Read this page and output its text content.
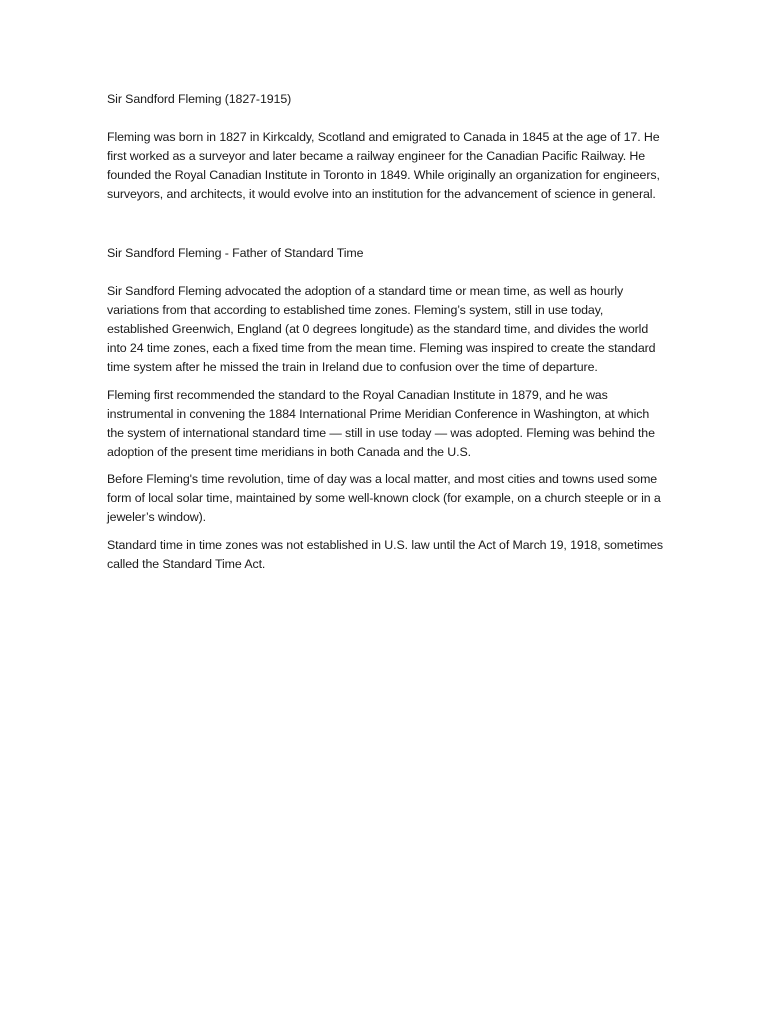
Sir Sandford Fleming (1827-1915)

Fleming was born in 1827 in Kirkcaldy, Scotland and emigrated to Canada in 1845 at the age of 17. He first worked as a surveyor and later became a railway engineer for the Canadian Pacific Railway. He founded the Royal Canadian Institute in Toronto in 1849. While originally an organization for engineers, surveyors, and architects, it would evolve into an institution for the advancement of science in general.

Sir Sandford Fleming - Father of Standard Time

Sir Sandford Fleming advocated the adoption of a standard time or mean time, as well as hourly variations from that according to established time zones. Fleming’s system, still in use today, established Greenwich, England (at 0 degrees longitude) as the standard time, and divides the world into 24 time zones, each a fixed time from the mean time. Fleming was inspired to create the standard time system after he missed the train in Ireland due to confusion over the time of departure.

Fleming first recommended the standard to the Royal Canadian Institute in 1879, and he was instrumental in convening the 1884 International Prime Meridian Conference in Washington, at which the system of international standard time — still in use today — was adopted. Fleming was behind the adoption of the present time meridians in both Canada and the U.S.

Before Fleming's time revolution, time of day was a local matter, and most cities and towns used some form of local solar time, maintained by some well-known clock (for example, on a church steeple or in a jeweler’s window).

Standard time in time zones was not established in U.S. law until the Act of March 19, 1918, sometimes called the Standard Time Act.
